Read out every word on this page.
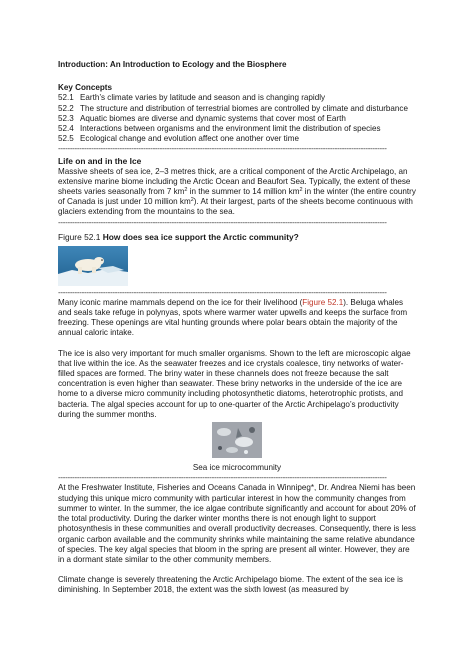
Introduction: An Introduction to Ecology and the Biosphere
Key Concepts
52.1 Earth’s climate varies by latitude and season and is changing rapidly
52.2 The structure and distribution of terrestrial biomes are controlled by climate and disturbance
52.3 Aquatic biomes are diverse and dynamic systems that cover most of Earth
52.4 Interactions between organisms and the environment limit the distribution of species
52.5 Ecological change and evolution affect one another over time
-------------------------------------------------------------------------------------------------------------------------------------------
Life on and in the Ice

Massive sheets of sea ice, 2–3 metres thick, are a critical component of the Arctic Archipelago, an extensive marine biome including the Arctic Ocean and Beaufort Sea. Typically, the extent of these sheets varies seasonally from 7 $km^2$ in the summer to 14 million $km^2$ in the winter (the entire country of Canada is just under 10 million $km^2$). At their largest, parts of the sheets become continuous with glaciers extending from the mountains to the sea.

-------------------------------------------------------------------------------------------------------------------------------------------
Figure 52.1 How does sea ice support the Arctic community?
-------------------------------------------------------------------------------------------------------------------------------------------

Many iconic marine mammals depend on the ice for their livelihood (Figure 52.1). Beluga whales and seals take refuge in polynyas, spots where warmer water upwells and keeps the surface from freezing. These openings are vital hunting grounds where polar bears obtain the majority of the annual caloric intake.

The ice is also very important for much smaller organisms. Shown to the left are microscopic algae that live within the ice. As the seawater freezes and ice crystals coalesce, tiny networks of water-filled spaces are formed. The briny water in these channels does not freeze because the salt concentration is even higher than seawater. These briny networks in the underside of the ice are home to a diverse micro community including photosynthetic diatoms, heterotrophic protists, and bacteria. The algal species account for up to one-quarter of the Arctic Archipelago’s productivity during the summer months.

Sea ice microcommunity
-------------------------------------------------------------------------------------------------------------------------------------------

At the Freshwater Institute, Fisheries and Oceans Canada in Winnipeg*, Dr. Andrea Niemi has been studying this unique micro community with particular interest in how the community changes from summer to winter. In the summer, the ice algae contribute significantly and account for about 20% of the total productivity. During the darker winter months there is not enough light to support photosynthesis in these communities and overall productivity decreases. Consequently, there is less organic carbon available and the community shrinks while maintaining the same relative abundance of species. The key algal species that bloom in the spring are present all winter. However, they are in a dormant state similar to the other community members.

Climate change is severely threatening the Arctic Archipelago biome. The extent of the sea ice is diminishing. In September 2018, the extent was the sixth lowest (as measured by
